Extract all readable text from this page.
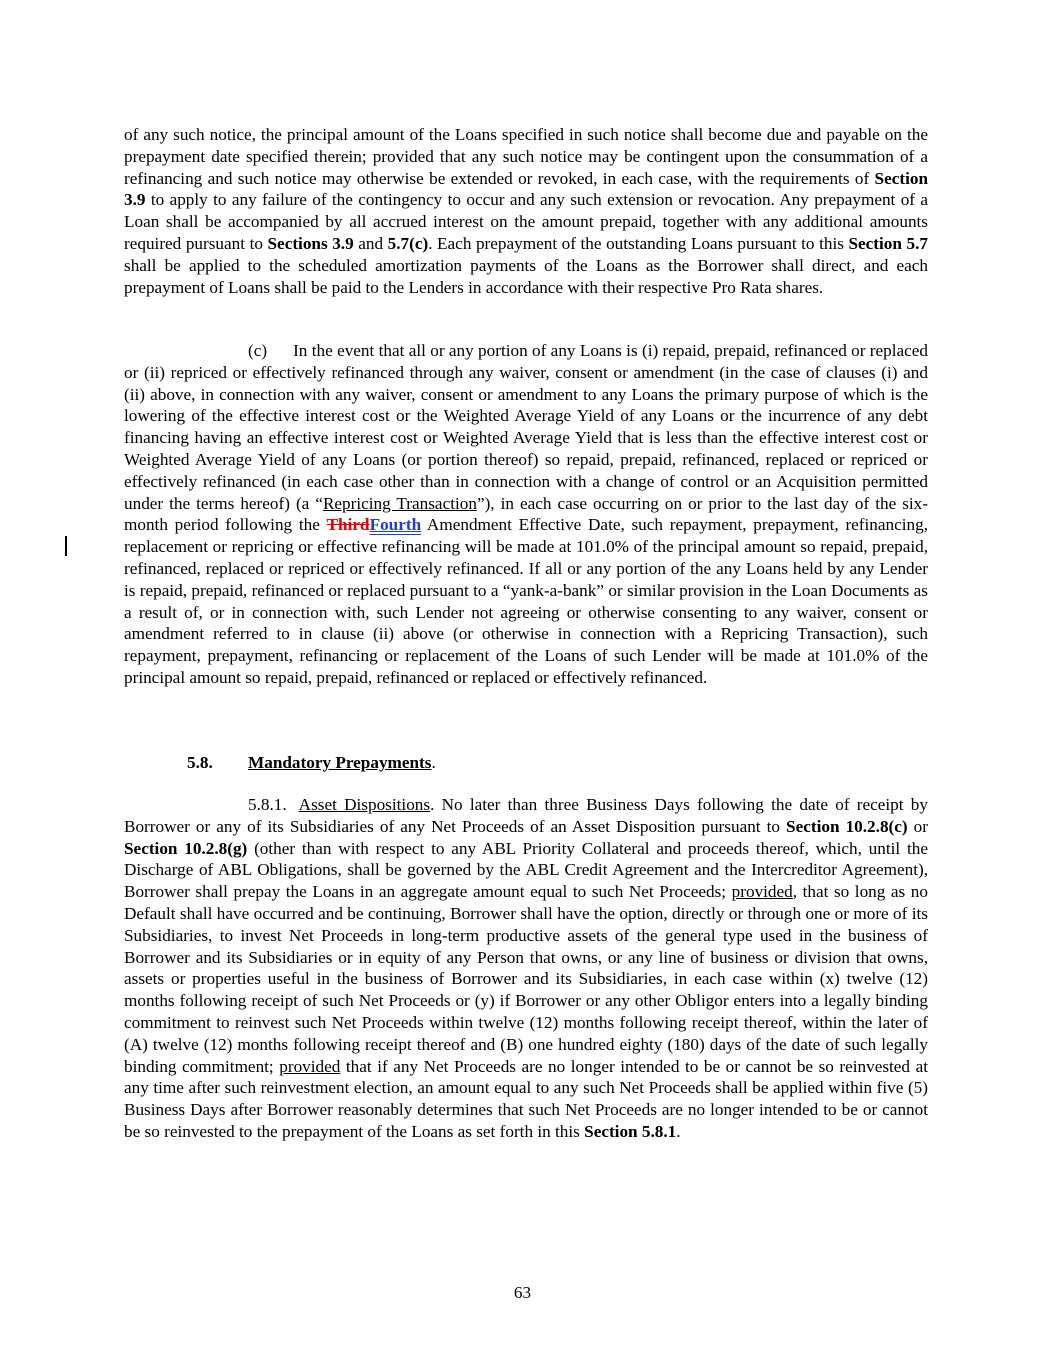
of any such notice, the principal amount of the Loans specified in such notice shall become due and payable on the prepayment date specified therein; provided that any such notice may be contingent upon the consummation of a refinancing and such notice may otherwise be extended or revoked, in each case, with the requirements of Section 3.9 to apply to any failure of the contingency to occur and any such extension or revocation. Any prepayment of a Loan shall be accompanied by all accrued interest on the amount prepaid, together with any additional amounts required pursuant to Sections 3.9 and 5.7(c). Each prepayment of the outstanding Loans pursuant to this Section 5.7 shall be applied to the scheduled amortization payments of the Loans as the Borrower shall direct, and each prepayment of Loans shall be paid to the Lenders in accordance with their respective Pro Rata shares.

(c) In the event that all or any portion of any Loans is (i) repaid, prepaid, refinanced or replaced or (ii) repriced or effectively refinanced through any waiver, consent or amendment (in the case of clauses (i) and (ii) above, in connection with any waiver, consent or amendment to any Loans the primary purpose of which is the lowering of the effective interest cost or the Weighted Average Yield of any Loans or the incurrence of any debt financing having an effective interest cost or Weighted Average Yield that is less than the effective interest cost or Weighted Average Yield of any Loans (or portion thereof) so repaid, prepaid, refinanced, replaced or repriced or effectively refinanced (in each case other than in connection with a change of control or an Acquisition permitted under the terms hereof) (a “Repricing Transaction”), in each case occurring on or prior to the last day of the six-month period following the ThirdFourth Amendment Effective Date, such repayment, prepayment, refinancing, replacement or repricing or effective refinancing will be made at 101.0% of the principal amount so repaid, prepaid, refinanced, replaced or repriced or effectively refinanced. If all or any portion of the any Loans held by any Lender is repaid, prepaid, refinanced or replaced pursuant to a “yank-a-bank” or similar provision in the Loan Documents as a result of, or in connection with, such Lender not agreeing or otherwise consenting to any waiver, consent or amendment referred to in clause (ii) above (or otherwise in connection with a Repricing Transaction), such repayment, prepayment, refinancing or replacement of the Loans of such Lender will be made at 101.0% of the principal amount so repaid, prepaid, refinanced or replaced or effectively refinanced.

5.8. Mandatory Prepayments.

5.8.1. Asset Dispositions. No later than three Business Days following the date of receipt by Borrower or any of its Subsidiaries of any Net Proceeds of an Asset Disposition pursuant to Section 10.2.8(c) or Section 10.2.8(g) (other than with respect to any ABL Priority Collateral and proceeds thereof, which, until the Discharge of ABL Obligations, shall be governed by the ABL Credit Agreement and the Intercreditor Agreement), Borrower shall prepay the Loans in an aggregate amount equal to such Net Proceeds; provided, that so long as no Default shall have occurred and be continuing, Borrower shall have the option, directly or through one or more of its Subsidiaries, to invest Net Proceeds in long-term productive assets of the general type used in the business of Borrower and its Subsidiaries or in equity of any Person that owns, or any line of business or division that owns, assets or properties useful in the business of Borrower and its Subsidiaries, in each case within (x) twelve (12) months following receipt of such Net Proceeds or (y) if Borrower or any other Obligor enters into a legally binding commitment to reinvest such Net Proceeds within twelve (12) months following receipt thereof, within the later of (A) twelve (12) months following receipt thereof and (B) one hundred eighty (180) days of the date of such legally binding commitment; provided that if any Net Proceeds are no longer intended to be or cannot be so reinvested at any time after such reinvestment election, an amount equal to any such Net Proceeds shall be applied within five (5) Business Days after Borrower reasonably determines that such Net Proceeds are no longer intended to be or cannot be so reinvested to the prepayment of the Loans as set forth in this Section 5.8.1.

63
